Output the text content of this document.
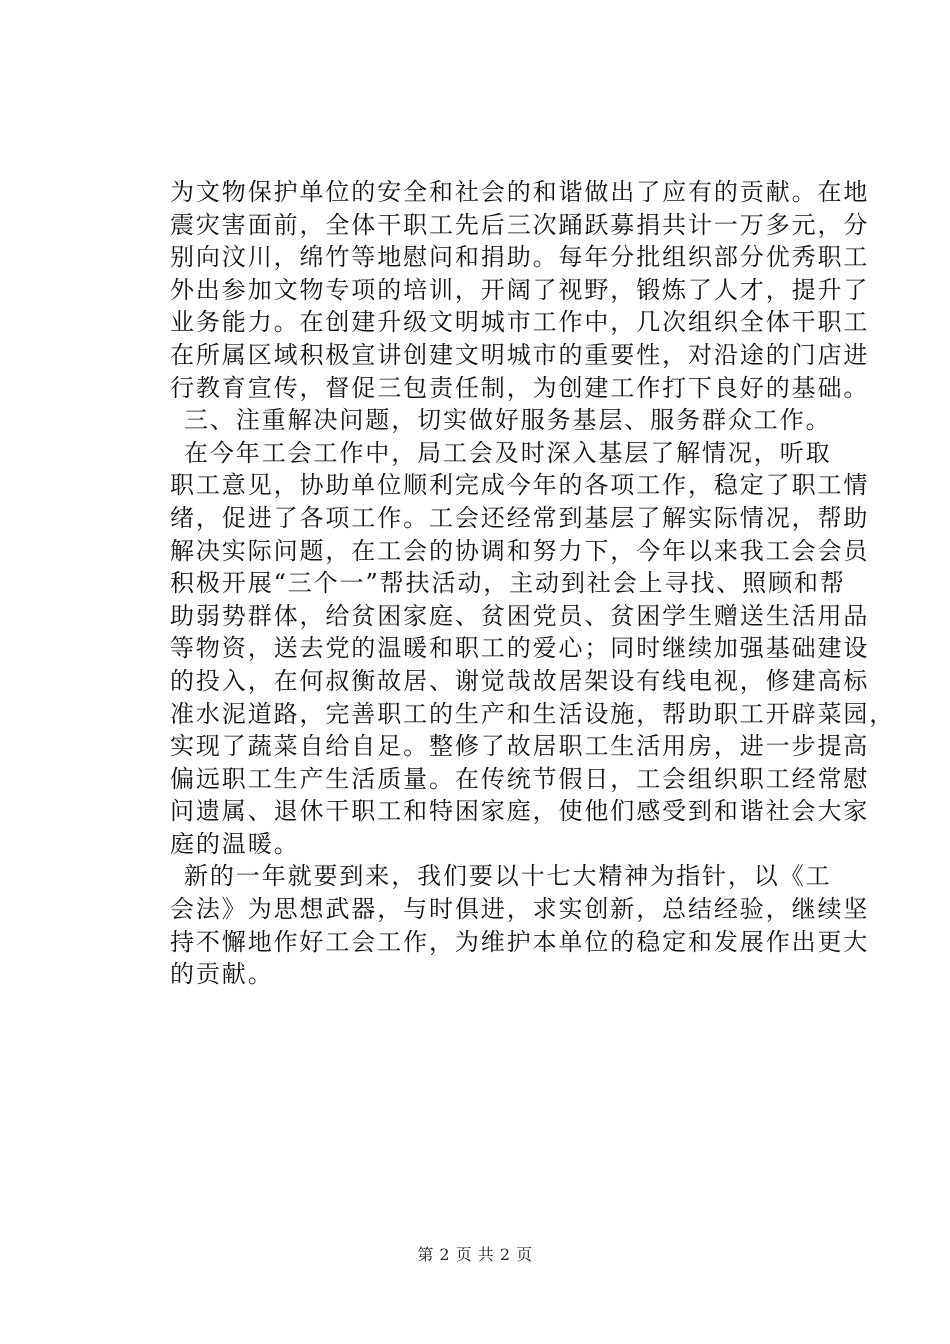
为文物保护单位的安全和社会的和谐做出了应有的贡献。在地
震灾害面前，全体干职工先后三次踊跃募捐共计一万多元，分
别向汶川，绵竹等地慰问和捐助。每年分批组织部分优秀职工
外出参加文物专项的培训，开阔了视野，锻炼了人才，提升了
业务能力。在创建升级文明城市工作中，几次组织全体干职工
在所属区域积极宣讲创建文明城市的重要性，对沿途的门店进
行教育宣传，督促三包责任制，为创建工作打下良好的基础。
三、注重解决问题，切实做好服务基层、服务群众工作。
在今年工会工作中，局工会及时深入基层了解情况，听取
职工意见，协助单位顺利完成今年的各项工作，稳定了职工情
绪，促进了各项工作。工会还经常到基层了解实际情况，帮助
解决实际问题，在工会的协调和努力下，今年以来我工会会员
积极开展“三个一”帮扶活动，主动到社会上寻找、照顾和帮
助弱势群体，给贫困家庭、贫困党员、贫困学生赠送生活用品
等物资，送去党的温暖和职工的爱心；同时继续加强基础建设
的投入，在何叔衡故居、谢觉哉故居架设有线电视，修建高标
准水泥道路，完善职工的生产和生活设施，帮助职工开辟菜园，
实现了蔬菜自给自足。整修了故居职工生活用房，进一步提高
偏远职工生产生活质量。在传统节假日，工会组织职工经常慰
问遗属、退休干职工和特困家庭，使他们感受到和谐社会大家
庭的温暖。
新的一年就要到来，我们要以十七大精神为指针，以《工
会法》为思想武器，与时俱进，求实创新，总结经验，继续坚
持不懈地作好工会工作，为维护本单位的稳定和发展作出更大
的贡献。
第 2 页 共 2 页
